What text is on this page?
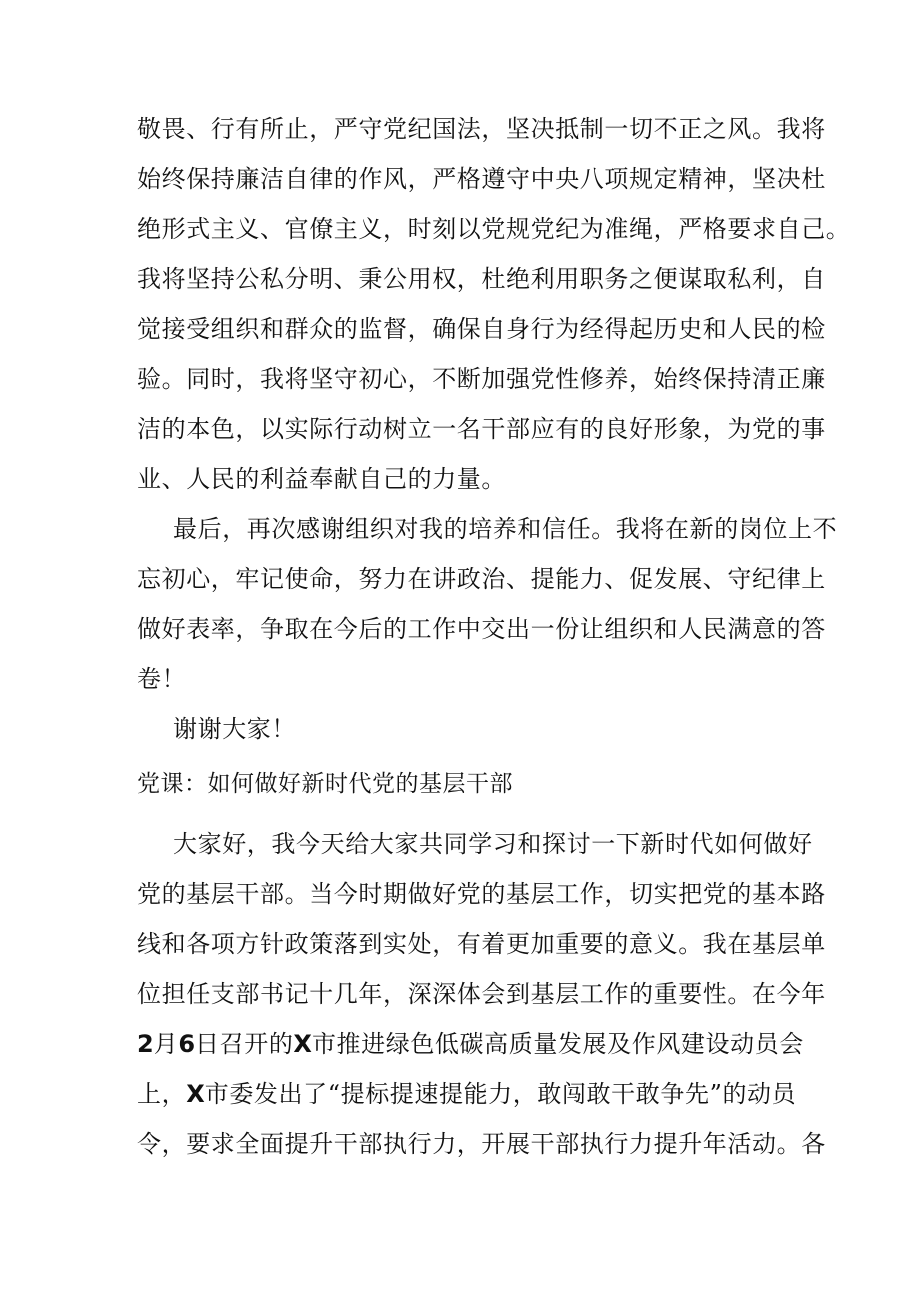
敬畏、行有所止，严守党纪国法，坚决抵制一切不正之风。我将
始终保持廉洁自律的作风，严格遵守中央八项规定精神，坚决杜
绝形式主义、官僚主义，时刻以党规党纪为准绳，严格要求自己。
我将坚持公私分明、秉公用权，杜绝利用职务之便谋取私利，自
觉接受组织和群众的监督，确保自身行为经得起历史和人民的检
验。同时，我将坚守初心，不断加强党性修养，始终保持清正廉
洁的本色，以实际行动树立一名干部应有的良好形象，为党的事
业、人民的利益奉献自己的力量。
最后，再次感谢组织对我的培养和信任。我将在新的岗位上不
忘初心，牢记使命，努力在讲政治、提能力、促发展、守纪律上
做好表率，争取在今后的工作中交出一份让组织和人民满意的答
卷！
谢谢大家！
党课：如何做好新时代党的基层干部
大家好，我今天给大家共同学习和探讨一下新时代如何做好
党的基层干部。当今时期做好党的基层工作，切实把党的基本路
线和各项方针政策落到实处，有着更加重要的意义。我在基层单
位担任支部书记十几年，深深体会到基层工作的重要性。在今年
2月6日召开的X市推进绿色低碳高质量发展及作风建设动员会
上，X市委发出了“提标提速提能力，敢闯敢干敢争先”的动员
令，要求全面提升干部执行力，开展干部执行力提升年活动。各
